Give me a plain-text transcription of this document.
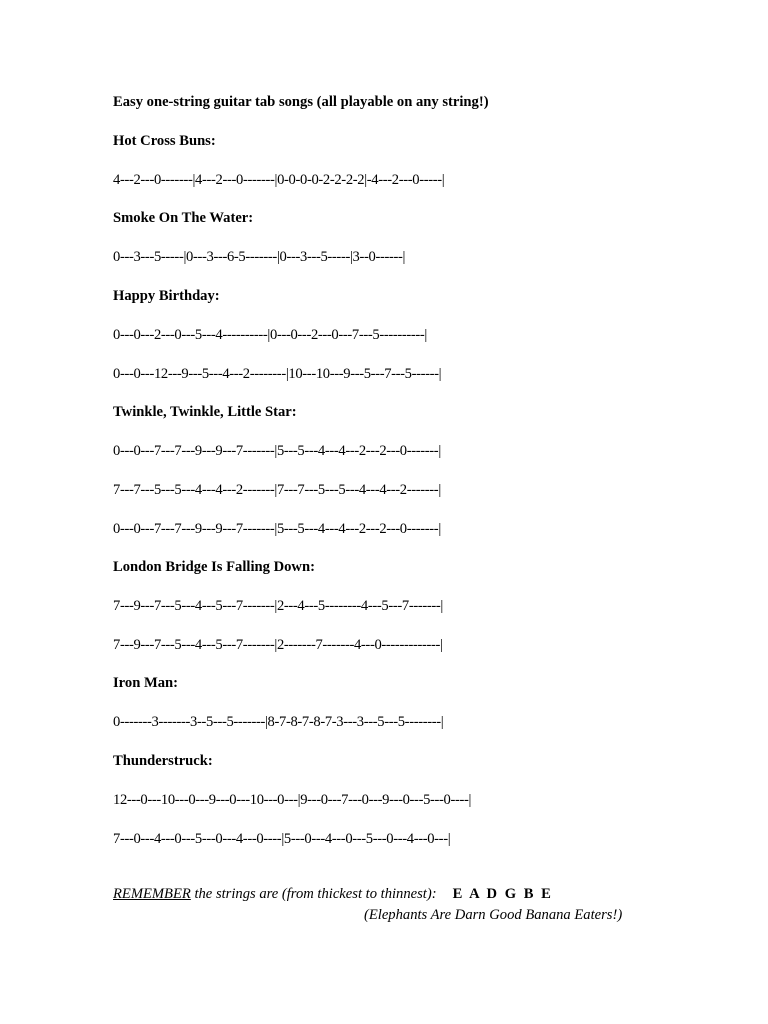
Easy one-string guitar tab songs (all playable on any string!)
Hot Cross Buns:
4---2---0-------|4---2---0-------|0-0-0-0-2-2-2-2|-4---2---0-----|
Smoke On The Water:
0---3---5-----|0---3---6-5-------|0---3---5-----|3--0------|
Happy Birthday:
0---0---2---0---5---4----------|0---0---2---0---7---5----------|
0---0---12---9---5---4---2--------|10---10---9---5---7---5------|
Twinkle, Twinkle, Little Star:
0---0---7---7---9---9---7-------|5---5---4---4---2---2---0-------|
7---7---5---5---4---4---2-------|7---7---5---5---4---4---2-------|
0---0---7---7---9---9---7-------|5---5---4---4---2---2---0-------|
London Bridge Is Falling Down:
7---9---7---5---4---5---7-------|2---4---5--------4---5---7-------|
7---9---7---5---4---5---7-------|2-------7-------4---0-------------|
Iron Man:
0-------3-------3--5---5-------|8-7-8-7-8-7-3---3---5---5--------|
Thunderstruck:
12---0---10---0---9---0---10---0---|9---0---7---0---9---0---5---0----|
7---0---4---0---5---0---4---0----|5---0---4---0---5---0---4---0---|
REMEMBER the strings are (from thickest to thinnest): E A D G B E
(Elephants Are Darn Good Banana Eaters!)
